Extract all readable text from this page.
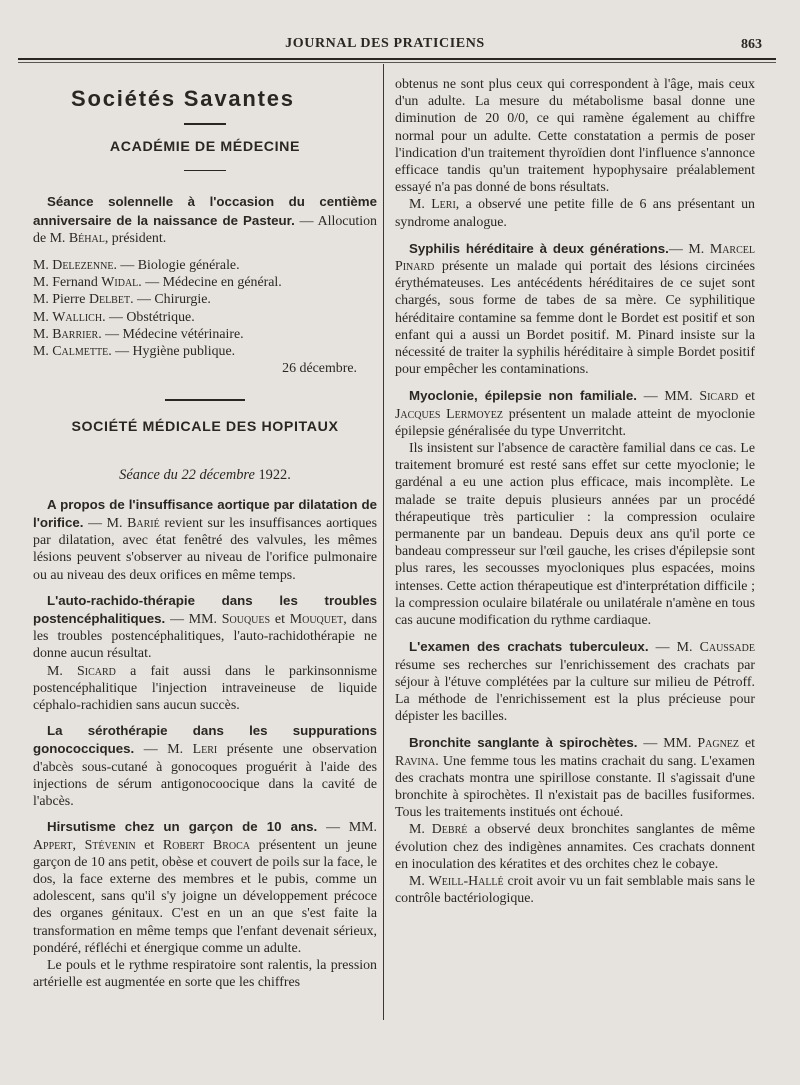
JOURNAL DES PRATICIENS	863
Sociétés Savantes
ACADÉMIE DE MÉDECINE

Séance solennelle à l'occasion du centième anniversaire de la naissance de Pasteur. — Allocution de M. Béhal, président.

M. Delezenne. — Biologie générale.

M. Fernand Widal. — Médecine en général.

M. Pierre Delbet. — Chirurgie.

M. Wallich. — Obstétrique.

M. Barrier. — Médecine vétérinaire.

M. Calmette. — Hygiène publique.

26 décembre.

SOCIÉTÉ MÉDICALE DES HOPITAUX

Séance du 22 décembre 1922.

A propos de l'insuffisance aortique par dilatation de l'orifice. — M. Barié revient sur les insuffisances aortiques par dilatation, avec état fenêtré des valvules, les mêmes lésions peuvent s'observer au niveau de l'orifice pulmonaire ou au niveau des deux orifices en même temps.

L'auto-rachido-thérapie dans les troubles postencéphalitiques. — MM. Souques et Mouquet, dans les troubles postencéphalitiques, l'auto-rachidothérapie ne donne aucun résultat.

M. Sicard a fait aussi dans le parkinsonnisme postencéphalitique l'injection intraveineuse de liquide céphalo-rachidien sans aucun succès.

La sérothérapie dans les suppurations gonococciques. — M. Leri présente une observation d'abcès sous-cutané à gonocoques proguérit à l'aide des injections de sérum antigonocoocique dans la cavité de l'abcès.

Hirsutisme chez un garçon de 10 ans. — MM. Appert, Stévenin et Robert Broca présentent un jeune garçon de 10 ans petit, obèse et couvert de poils sur la face, le dos, la face externe des membres et le pubis, comme un adolescent, sans qu'il s'y joigne un développement précoce des organes génitaux. C'est en un an que s'est faite la transformation en même temps que l'enfant devenait sérieux, pondéré, réfléchi et énergique comme un adulte.

Le pouls et le rythme respiratoire sont ralentis, la pression artérielle est augmentée en sorte que les chiffres

obtenus ne sont plus ceux qui correspondent à l'âge, mais ceux d'un adulte. La mesure du métabolisme basal donne une diminution de 20 0/0, ce qui ramène également au chiffre normal pour un adulte. Cette constatation a permis de poser l'indication d'un traitement thyroïdien dont l'influence s'annonce efficace tandis qu'un traitement hypophysaire préalablement essayé n'a pas donné de bons résultats.

M. Leri, a observé une petite fille de 6 ans présentant un syndrome analogue.

Syphilis héréditaire à deux générations.— M. Marcel Pinard présente un malade qui portait des lésions circinées érythémateuses. Les antécédents héréditaires de ce sujet sont chargés, sous forme de tabes de sa mère. Ce syphilitique héréditaire contamine sa femme dont le Bordet est positif et son enfant qui a aussi un Bordet positif. M. Pinard insiste sur la nécessité de traiter la syphilis héréditaire à simple Bordet positif pour empêcher les contaminations.

Myoclonie, épilepsie non familiale. — MM. Sicard et Jacques Lermoyez présentent un malade atteint de myoclonie épilepsie généralisée du type Unverritcht.

Ils insistent sur l'absence de caractère familial dans ce cas. Le traitement bromuré est resté sans effet sur cette myoclonie; le gardénal a eu une action plus efficace, mais incomplète. Le malade se traite depuis plusieurs années par un procédé thérapeutique très particulier : la compression oculaire permanente par un bandeau. Depuis deux ans qu'il porte ce bandeau compresseur sur l'œil gauche, les crises d'épilepsie sont plus rares, les secousses myocloniques plus espacées, moins intenses. Cette action thérapeutique est d'interprétation difficile ; la compression oculaire bilatérale ou unilatérale n'amène en tous cas aucune modification du rythme cardiaque.

L'examen des crachats tuberculeux. — M. Caussade résume ses recherches sur l'enrichissement des crachats par séjour à l'étuve complétées par la culture sur milieu de Pétroff. La méthode de l'enrichissement est la plus précieuse pour dépister les bacilles.

Bronchite sanglante à spirochètes. — MM. Pagnez et Ravina. Une femme tous les matins crachait du sang. L'examen des crachats montra une spirillose constante. Il s'agissait d'une bronchite à spirochètes. Il n'existait pas de bacilles fusiformes. Tous les traitements institués ont échoué.

M. Debré a observé deux bronchites sanglantes de même évolution chez des indigènes annamites. Ces crachats donnent en inoculation des kératites et des orchites chez le cobaye.

M. Weill-Hallé croit avoir vu un fait semblable mais sans le contrôle bactériologique.
